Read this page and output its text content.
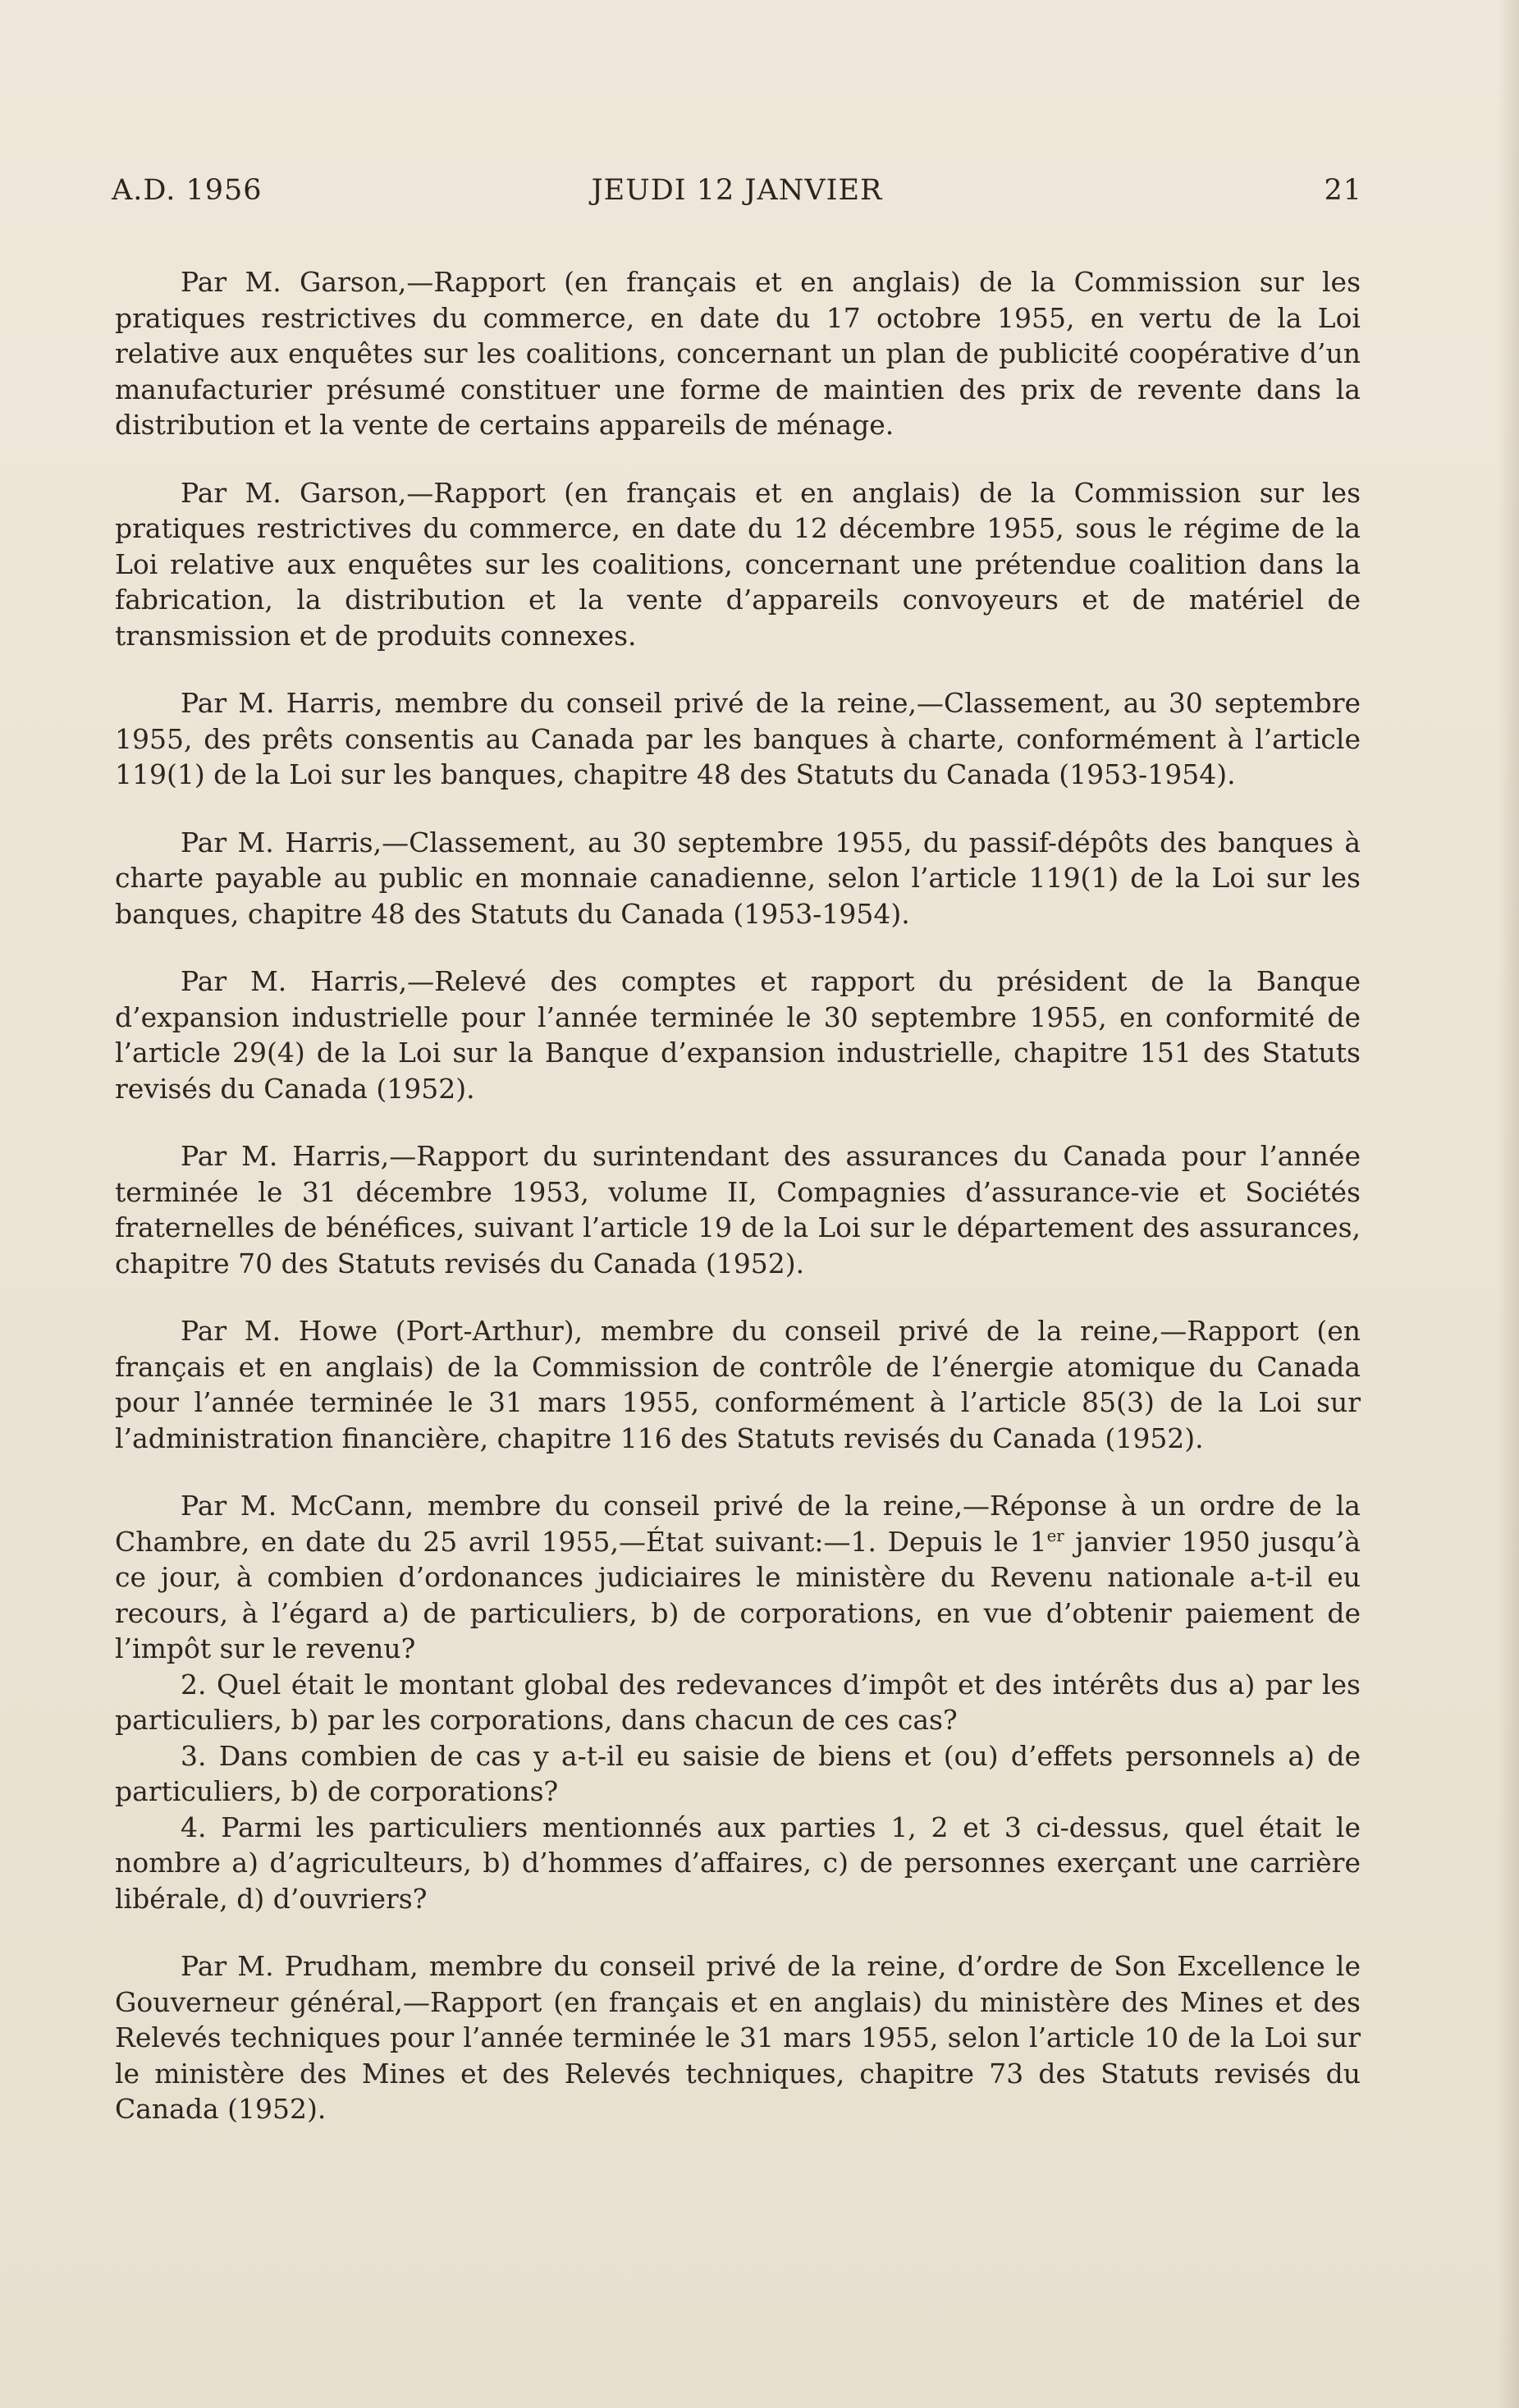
A.D. 1956	JEUDI 12 JANVIER	21

Par M. Garson,—Rapport (en français et en anglais) de la Commission sur les pratiques restrictives du commerce, en date du 17 octobre 1955, en vertu de la Loi relative aux enquêtes sur les coalitions, concernant un plan de publicité coopérative d’un manufacturier présumé constituer une forme de maintien des prix de revente dans la distribution et la vente de certains appareils de ménage.

Par M. Garson,—Rapport (en français et en anglais) de la Commission sur les pratiques restrictives du commerce, en date du 12 décembre 1955, sous le régime de la Loi relative aux enquêtes sur les coalitions, concernant une prétendue coalition dans la fabrication, la distribution et la vente d’appareils convoyeurs et de matériel de transmission et de produits connexes.

Par M. Harris, membre du conseil privé de la reine,—Classement, au 30 septembre 1955, des prêts consentis au Canada par les banques à charte, conformément à l’article 119(1) de la Loi sur les banques, chapitre 48 des Statuts du Canada (1953-1954).

Par M. Harris,—Classement, au 30 septembre 1955, du passif-dépôts des banques à charte payable au public en monnaie canadienne, selon l’article 119(1) de la Loi sur les banques, chapitre 48 des Statuts du Canada (1953-1954).

Par M. Harris,—Relevé des comptes et rapport du président de la Banque d’expansion industrielle pour l’année terminée le 30 septembre 1955, en conformité de l’article 29(4) de la Loi sur la Banque d’expansion industrielle, chapitre 151 des Statuts revisés du Canada (1952).

Par M. Harris,—Rapport du surintendant des assurances du Canada pour l’année terminée le 31 décembre 1953, volume II, Compagnies d’assurance-vie et Sociétés fraternelles de bénéfices, suivant l’article 19 de la Loi sur le département des assurances, chapitre 70 des Statuts revisés du Canada (1952).

Par M. Howe (Port-Arthur), membre du conseil privé de la reine,—Rapport (en français et en anglais) de la Commission de contrôle de l’énergie atomique du Canada pour l’année terminée le 31 mars 1955, conformément à l’article 85(3) de la Loi sur l’administration financière, chapitre 116 des Statuts revisés du Canada (1952).

Par M. McCann, membre du conseil privé de la reine,—Réponse à un ordre de la Chambre, en date du 25 avril 1955,—État suivant:—1. Depuis le 1er janvier 1950 jusqu’à ce jour, à combien d’ordonances judiciaires le ministère du Revenu nationale a-t-il eu recours, à l’égard a) de particuliers, b) de corporations, en vue d’obtenir paiement de l’impôt sur le revenu?

2. Quel était le montant global des redevances d’impôt et des intérêts dus a) par les particuliers, b) par les corporations, dans chacun de ces cas?

3. Dans combien de cas y a-t-il eu saisie de biens et (ou) d’effets personnels a) de particuliers, b) de corporations?

4. Parmi les particuliers mentionnés aux parties 1, 2 et 3 ci-dessus, quel était le nombre a) d’agriculteurs, b) d’hommes d’affaires, c) de personnes exerçant une carrière libérale, d) d’ouvriers?

Par M. Prudham, membre du conseil privé de la reine, d’ordre de Son Excellence le Gouverneur général,—Rapport (en français et en anglais) du ministère des Mines et des Relevés techniques pour l’année terminée le 31 mars 1955, selon l’article 10 de la Loi sur le ministère des Mines et des Relevés techniques, chapitre 73 des Statuts revisés du Canada (1952).
